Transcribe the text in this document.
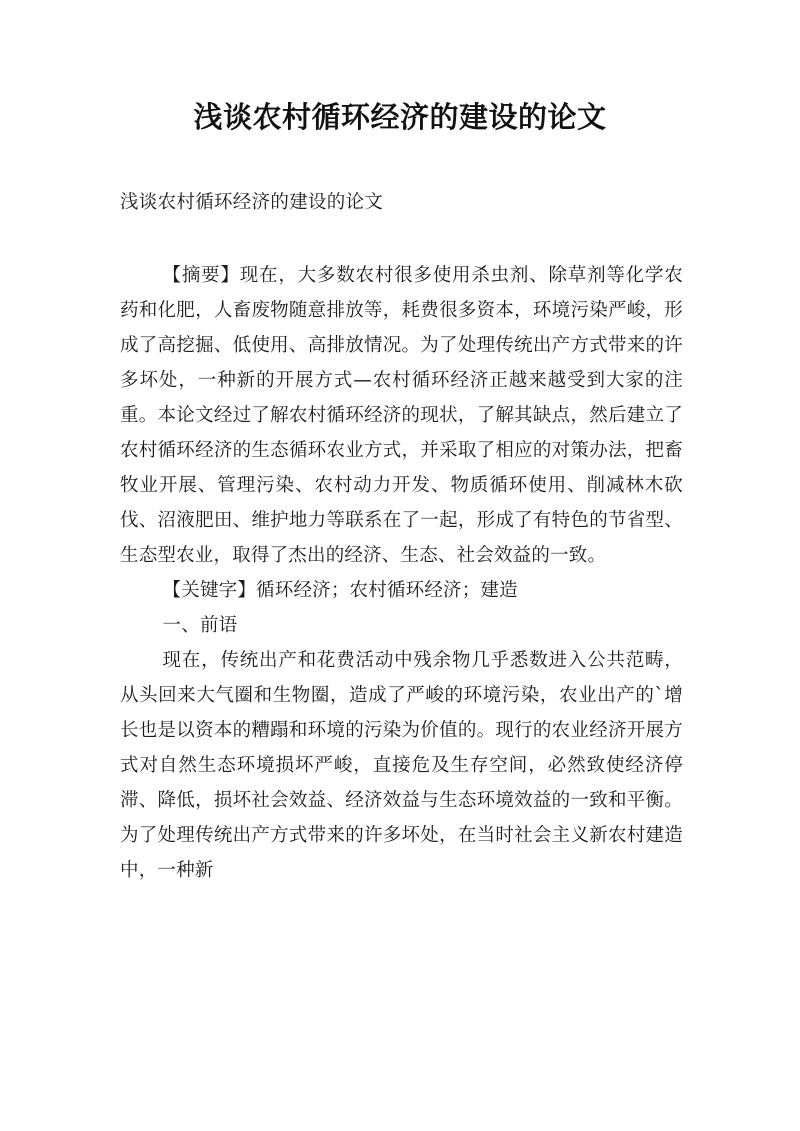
浅谈农村循环经济的建设的论文
浅谈农村循环经济的建设的论文

【摘要】现在，大多数农村很多使用杀虫剂、除草剂等化学农药和化肥，人畜废物随意排放等，耗费很多资本，环境污染严峻，形成了高挖掘、低使用、高排放情况。为了处理传统出产方式带来的许多坏处，一种新的开展方式—农村循环经济正越来越受到大家的注重。本论文经过了解农村循环经济的现状，了解其缺点，然后建立了农村循环经济的生态循环农业方式，并采取了相应的对策办法，把畜牧业开展、管理污染、农村动力开发、物质循环使用、削减林木砍伐、沼液肥田、维护地力等联系在了一起，形成了有特色的节省型、生态型农业，取得了杰出的经济、生态、社会效益的一致。

【关键字】循环经济；农村循环经济；建造

一、前语

现在，传统出产和花费活动中残余物几乎悉数进入公共范畴，从头回来大气圈和生物圈，造成了严峻的环境污染，农业出产的`增长也是以资本的糟蹋和环境的污染为价值的。现行的农业经济开展方式对自然生态环境损坏严峻，直接危及生存空间，必然致使经济停滞、降低，损坏社会效益、经济效益与生态环境效益的一致和平衡。为了处理传统出产方式带来的许多坏处，在当时社会主义新农村建造中，一种新
